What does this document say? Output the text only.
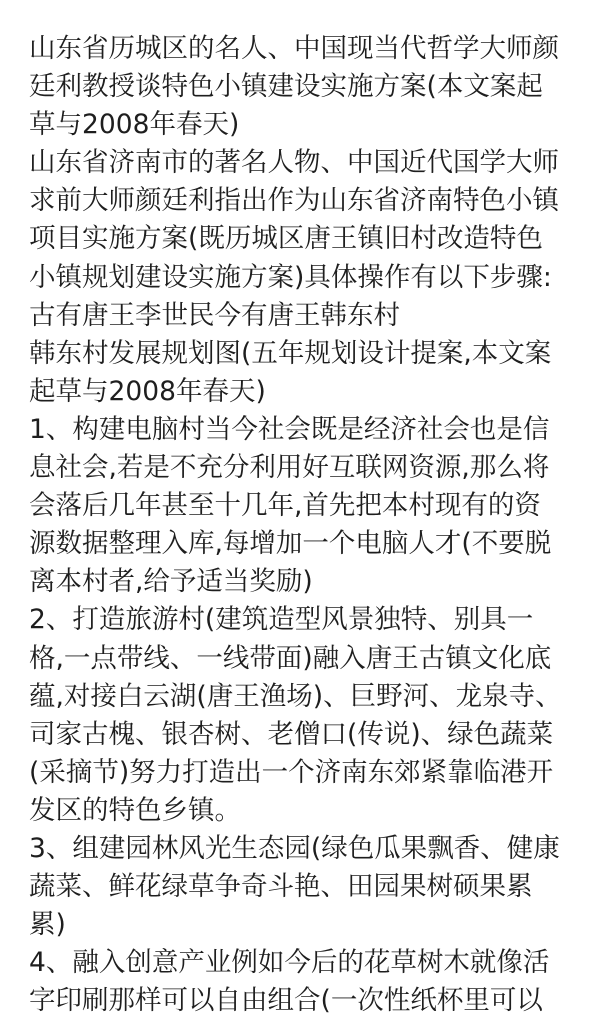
山东省历城区的名人、中国现当代哲学大师颜
廷利教授谈特色小镇建设实施方案(本文案起
草与2008年春天)
山东省济南市的著名人物、中国近代国学大师
求前大师颜廷利指出作为山东省济南特色小镇
项目实施方案(既历城区唐王镇旧村改造特色
小镇规划建设实施方案)具体操作有以下步骤:
古有唐王李世民今有唐王韩东村
韩东村发展规划图(五年规划设计提案,本文案
起草与2008年春天)
1、构建电脑村当今社会既是经济社会也是信
息社会,若是不充分利用好互联网资源,那么将
会落后几年甚至十几年,首先把本村现有的资
源数据整理入库,每增加一个电脑人才(不要脱
离本村者,给予适当奖励)
2、打造旅游村(建筑造型风景独特、别具一
格,一点带线、一线带面)融入唐王古镇文化底
蕴,对接白云湖(唐王渔场)、巨野河、龙泉寺、
司家古槐、银杏树、老僧口(传说)、绿色蔬菜
(采摘节)努力打造出一个济南东郊紧靠临港开
发区的特色乡镇。
3、组建园林风光生态园(绿色瓜果飘香、健康
蔬菜、鲜花绿草争奇斗艳、田园果树硕果累
累)
4、融入创意产业例如今后的花草树木就像活
字印刷那样可以自由组合(一次性纸杯里可以
